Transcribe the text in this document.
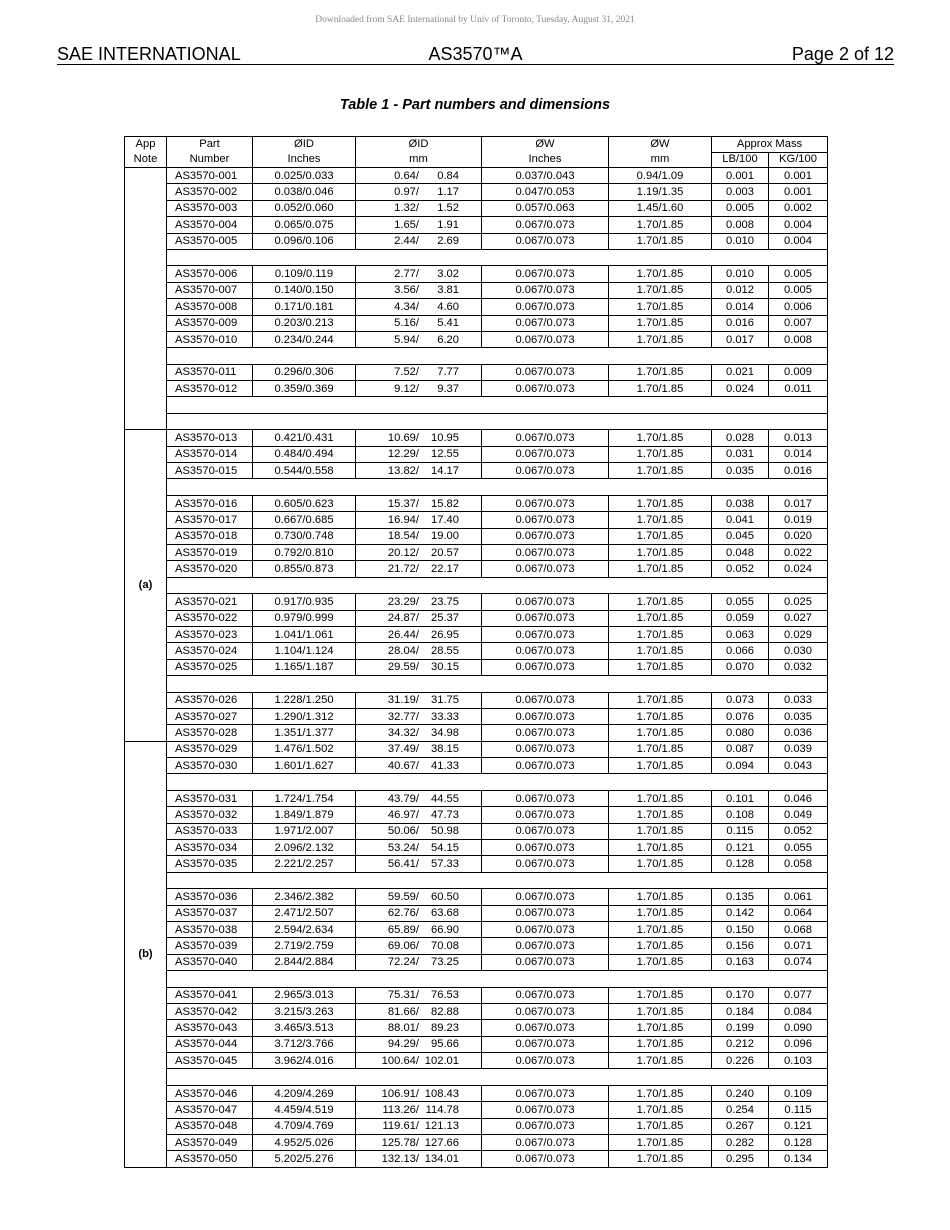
Downloaded from SAE International by Univ of Toronto, Tuesday, August 31, 2021
SAE INTERNATIONAL	AS3570™A	Page 2 of 12
Table 1 - Part numbers and dimensions
App	Part	ØID	ØID	ØW	ØW	Approx Mass	
Note	Number	Inches	mm	Inches	mm	LB/100	KG/100
	AS3570-001	0.025/0.033	0.64/ 0.84	0.037/0.043	0.94/1.09	0.001	0.001
	AS3570-002	0.038/0.046	0.97/ 1.17	0.047/0.053	1.19/1.35	0.003	0.001
	AS3570-003	0.052/0.060	1.32/ 1.52	0.057/0.063	1.45/1.60	0.005	0.002
	AS3570-004	0.065/0.075	1.65/ 1.91	0.067/0.073	1.70/1.85	0.008	0.004
	AS3570-005	0.096/0.106	2.44/ 2.69	0.067/0.073	1.70/1.85	0.010	0.004

	AS3570-006	0.109/0.119	2.77/ 3.02	0.067/0.073	1.70/1.85	0.010	0.005
	AS3570-007	0.140/0.150	3.56/ 3.81	0.067/0.073	1.70/1.85	0.012	0.005
	AS3570-008	0.171/0.181	4.34/ 4.60	0.067/0.073	1.70/1.85	0.014	0.006
	AS3570-009	0.203/0.213	5.16/ 5.41	0.067/0.073	1.70/1.85	0.016	0.007
	AS3570-010	0.234/0.244	5.94/ 6.20	0.067/0.073	1.70/1.85	0.017	0.008

	AS3570-011	0.296/0.306	7.52/ 7.77	0.067/0.073	1.70/1.85	0.021	0.009
	AS3570-012	0.359/0.369	9.12/ 9.37	0.067/0.073	1.70/1.85	0.024	0.011

(a)	AS3570-013	0.421/0.431	10.69/ 10.95	0.067/0.073	1.70/1.85	0.028	0.013
	AS3570-014	0.484/0.494	12.29/ 12.55	0.067/0.073	1.70/1.85	0.031	0.014
	AS3570-015	0.544/0.558	13.82/ 14.17	0.067/0.073	1.70/1.85	0.035	0.016

	AS3570-016	0.605/0.623	15.37/ 15.82	0.067/0.073	1.70/1.85	0.038	0.017
	AS3570-017	0.667/0.685	16.94/ 17.40	0.067/0.073	1.70/1.85	0.041	0.019
	AS3570-018	0.730/0.748	18.54/ 19.00	0.067/0.073	1.70/1.85	0.045	0.020
	AS3570-019	0.792/0.810	20.12/ 20.57	0.067/0.073	1.70/1.85	0.048	0.022
	AS3570-020	0.855/0.873	21.72/ 22.17	0.067/0.073	1.70/1.85	0.052	0.024

	AS3570-021	0.917/0.935	23.29/ 23.75	0.067/0.073	1.70/1.85	0.055	0.025
	AS3570-022	0.979/0.999	24.87/ 25.37	0.067/0.073	1.70/1.85	0.059	0.027
	AS3570-023	1.041/1.061	26.44/ 26.95	0.067/0.073	1.70/1.85	0.063	0.029
	AS3570-024	1.104/1.124	28.04/ 28.55	0.067/0.073	1.70/1.85	0.066	0.030
	AS3570-025	1.165/1.187	29.59/ 30.15	0.067/0.073	1.70/1.85	0.070	0.032

	AS3570-026	1.228/1.250	31.19/ 31.75	0.067/0.073	1.70/1.85	0.073	0.033
	AS3570-027	1.290/1.312	32.77/ 33.33	0.067/0.073	1.70/1.85	0.076	0.035
	AS3570-028	1.351/1.377	34.32/ 34.98	0.067/0.073	1.70/1.85	0.080	0.036
(b)	AS3570-029	1.476/1.502	37.49/ 38.15	0.067/0.073	1.70/1.85	0.087	0.039
	AS3570-030	1.601/1.627	40.67/ 41.33	0.067/0.073	1.70/1.85	0.094	0.043

	AS3570-031	1.724/1.754	43.79/ 44.55	0.067/0.073	1.70/1.85	0.101	0.046
	AS3570-032	1.849/1.879	46.97/ 47.73	0.067/0.073	1.70/1.85	0.108	0.049
	AS3570-033	1.971/2.007	50.06/ 50.98	0.067/0.073	1.70/1.85	0.115	0.052
	AS3570-034	2.096/2.132	53.24/ 54.15	0.067/0.073	1.70/1.85	0.121	0.055
	AS3570-035	2.221/2.257	56.41/ 57.33	0.067/0.073	1.70/1.85	0.128	0.058

	AS3570-036	2.346/2.382	59.59/ 60.50	0.067/0.073	1.70/1.85	0.135	0.061
	AS3570-037	2.471/2.507	62.76/ 63.68	0.067/0.073	1.70/1.85	0.142	0.064
	AS3570-038	2.594/2.634	65.89/ 66.90	0.067/0.073	1.70/1.85	0.150	0.068
	AS3570-039	2.719/2.759	69.06/ 70.08	0.067/0.073	1.70/1.85	0.156	0.071
	AS3570-040	2.844/2.884	72.24/ 73.25	0.067/0.073	1.70/1.85	0.163	0.074

	AS3570-041	2.965/3.013	75.31/ 76.53	0.067/0.073	1.70/1.85	0.170	0.077
	AS3570-042	3.215/3.263	81.66/ 82.88	0.067/0.073	1.70/1.85	0.184	0.084
	AS3570-043	3.465/3.513	88.01/ 89.23	0.067/0.073	1.70/1.85	0.199	0.090
	AS3570-044	3.712/3.766	94.29/ 95.66	0.067/0.073	1.70/1.85	0.212	0.096
	AS3570-045	3.962/4.016	100.64/ 102.01	0.067/0.073	1.70/1.85	0.226	0.103

	AS3570-046	4.209/4.269	106.91/ 108.43	0.067/0.073	1.70/1.85	0.240	0.109
	AS3570-047	4.459/4.519	113.26/ 114.78	0.067/0.073	1.70/1.85	0.254	0.115
	AS3570-048	4.709/4.769	119.61/ 121.13	0.067/0.073	1.70/1.85	0.267	0.121
	AS3570-049	4.952/5.026	125.78/ 127.66	0.067/0.073	1.70/1.85	0.282	0.128
	AS3570-050	5.202/5.276	132.13/ 134.01	0.067/0.073	1.70/1.85	0.295	0.134
